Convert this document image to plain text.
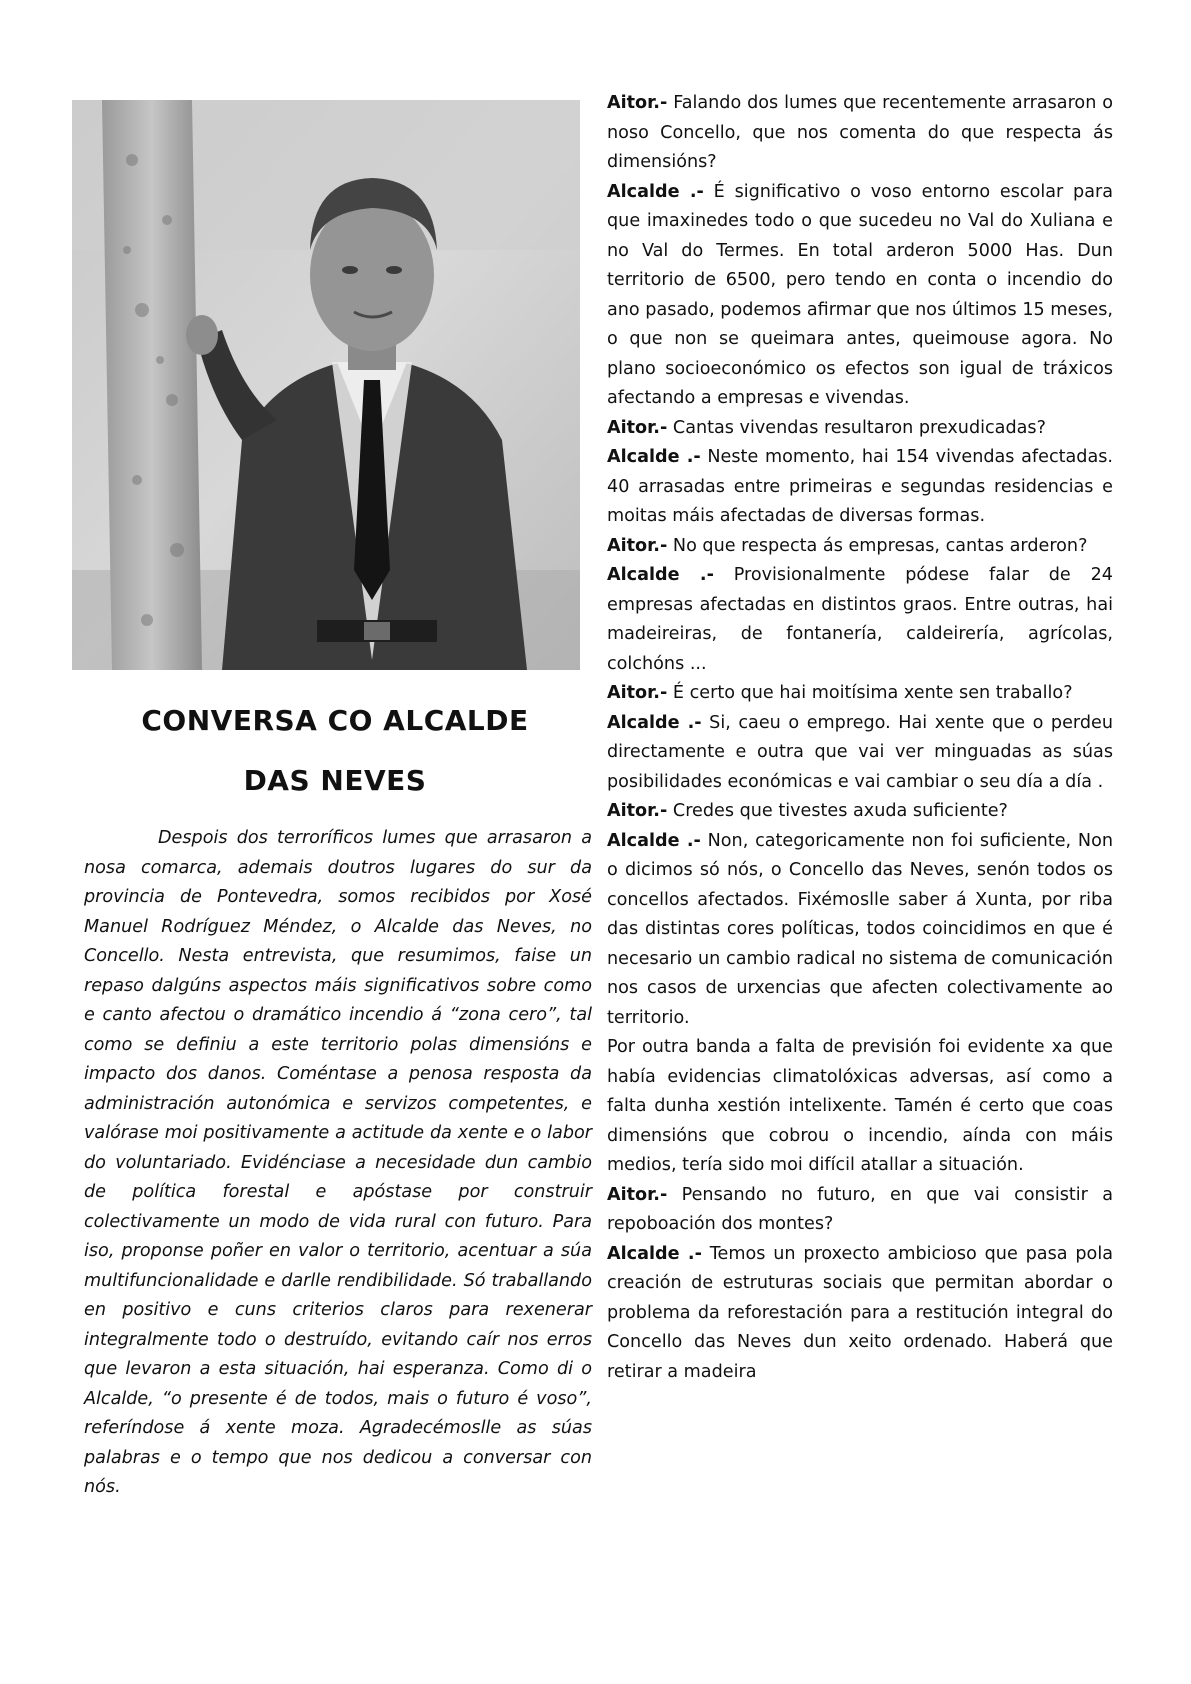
CONVERSA CO ALCALDE
DAS NEVES

Despois dos terroríficos lumes que arrasaron a nosa comarca, ademais doutros lugares do sur da provincia de Pontevedra, somos recibidos por Xosé Manuel Rodríguez Méndez, o Alcalde das Neves, no Concello. Nesta entrevista, que resumimos, faise un repaso dalgúns aspectos máis significativos sobre como e canto afectou o dramático incendio á “zona cero”, tal como se definiu a este territorio polas dimensións e impacto dos danos. Coméntase a penosa resposta da administración autonómica e servizos competentes, e valórase moi positivamente a actitude da xente e o labor do voluntariado. Evidénciase a necesidade dun cambio de política forestal e apóstase por construir colectivamente un modo de vida rural con futuro. Para iso, proponse poñer en valor o territorio, acentuar a súa multifuncionalidade e darlle rendibilidade. Só traballando en positivo e cuns criterios claros para rexenerar integralmente todo o destruído, evitando caír nos erros que levaron a esta situación, hai esperanza. Como di o Alcalde, “o presente é de todos, mais o futuro é voso”, referíndose á xente moza. Agradecémoslle as súas palabras e o tempo que nos dedicou a conversar con nós.

Aitor.- Falando dos lumes que recentemente arrasaron o noso Concello, que nos comenta do que respecta ás dimensións?

Alcalde .- É significativo o voso entorno escolar para que imaxinedes todo o que sucedeu no Val do Xuliana e no Val do Termes. En total arderon 5000 Has. Dun territorio de 6500, pero tendo en conta o incendio do ano pasado, podemos afirmar que nos últimos 15 meses, o que non se queimara antes, queimouse agora. No plano socioeconómico os efectos son igual de tráxicos afectando a empresas e vivendas.

Aitor.- Cantas vivendas resultaron prexudicadas?

Alcalde .- Neste momento, hai 154 vivendas afectadas. 40 arrasadas entre primeiras e segundas residencias e moitas máis afectadas de diversas formas.

Aitor.- No que respecta ás empresas, cantas arderon?

Alcalde .- Provisionalmente pódese falar de 24 empresas afectadas en distintos graos. Entre outras, hai madeireiras, de fontanería, caldeirería, agrícolas, colchóns ...

Aitor.- É certo que hai moitísima xente sen traballo?

Alcalde .- Si, caeu o emprego. Hai xente que o perdeu directamente e outra que vai ver minguadas as súas posibilidades económicas e vai cambiar o seu día a día .

Aitor.- Credes que tivestes axuda suficiente?

Alcalde .- Non, categoricamente non foi suficiente, Non o dicimos só nós, o Concello das Neves, senón todos os concellos afectados. Fixémoslle saber á Xunta, por riba das distintas cores políticas, todos coincidimos en que é necesario un cambio radical no sistema de comunicación nos casos de urxencias que afecten colectivamente ao territorio.

Por outra banda a falta de previsión foi evidente xa que había evidencias climatolóxicas adversas, así como a falta dunha xestión intelixente. Tamén é certo que coas dimensións que cobrou o incendio, aínda con máis medios, tería sido moi difícil atallar a situación.

Aitor.- Pensando no futuro, en que vai consistir a repoboación dos montes?

Alcalde .- Temos un proxecto ambicioso que pasa pola creación de estruturas sociais que permitan abordar o problema da reforestación para a restitución integral do Concello das Neves dun xeito ordenado. Haberá que retirar a madeira
